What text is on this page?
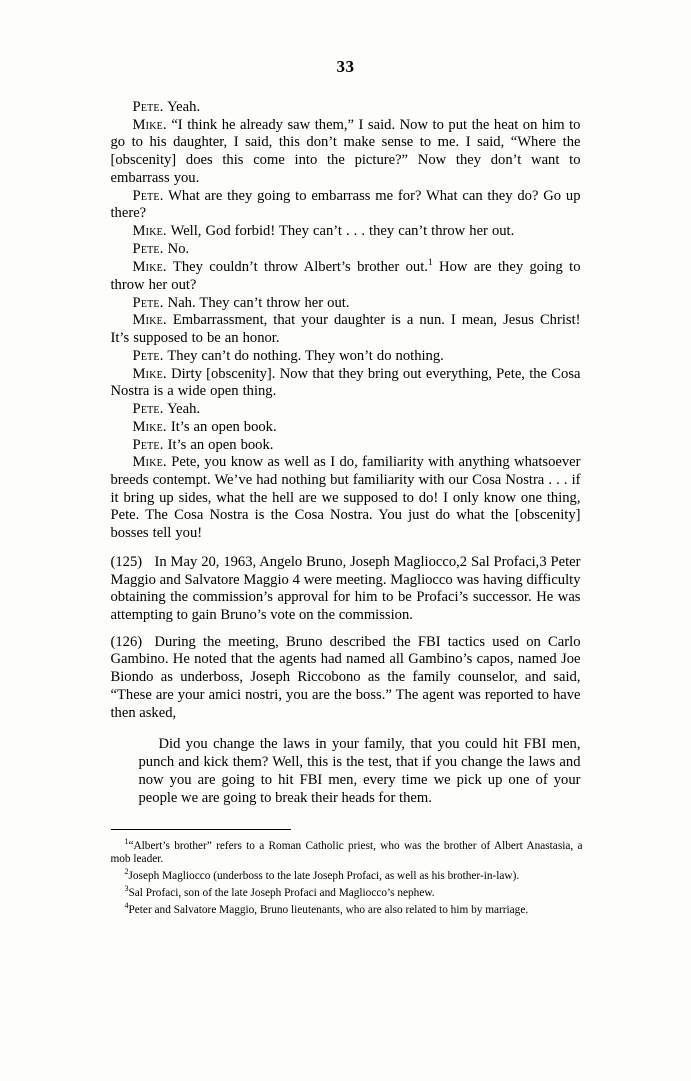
33

Pete. Yeah.

Mike. “I think he already saw them,” I said. Now to put the heat on him to go to his daughter, I said, this don’t make sense to me. I said, “Where the [obscenity] does this come into the picture?” Now they don’t want to embarrass you.

Pete. What are they going to embarrass me for? What can they do? Go up there?

Mike. Well, God forbid! They can’t . . . they can’t throw her out.

Pete. No.

Mike. They couldn’t throw Albert’s brother out.$^1$ How are they going to throw her out?

Pete. Nah. They can’t throw her out.

Mike. Embarrassment, that your daughter is a nun. I mean, Jesus Christ! It’s supposed to be an honor.

Pete. They can’t do nothing. They won’t do nothing.

Mike. Dirty [obscenity]. Now that they bring out everything, Pete, the Cosa Nostra is a wide open thing.

Pete. Yeah.

Mike. It’s an open book.

Pete. It’s an open book.

Mike. Pete, you know as well as I do, familiarity with anything whatsoever breeds contempt. We’ve had nothing but familiarity with our Cosa Nostra . . . if it bring up sides, what the hell are we supposed to do! I only know one thing, Pete. The Cosa Nostra is the Cosa Nostra. You just do what the [obscenity] bosses tell you!

(125) In May 20, 1963, Angelo Bruno, Joseph Magliocco,2 Sal Profaci,3 Peter Maggio and Salvatore Maggio 4 were meeting. Magliocco was having difficulty obtaining the commission’s approval for him to be Profaci’s successor. He was attempting to gain Bruno’s vote on the commission.

(126) During the meeting, Bruno described the FBI tactics used on Carlo Gambino. He noted that the agents had named all Gambino’s capos, named Joe Biondo as underboss, Joseph Riccobono as the family counselor, and said, “These are your amici nostri, you are the boss.” The agent was reported to have then asked,

Did you change the laws in your family, that you could hit FBI men, punch and kick them? Well, this is the test, that if you change the laws and now you are going to hit FBI men, every time we pick up one of your people we are going to break their heads for them.

$^1$“Albert’s brother” refers to a Roman Catholic priest, who was the brother of Albert Anastasia, a mob leader.

$^2$Joseph Magliocco (underboss to the late Joseph Profaci, as well as his brother-in-law).

$^3$Sal Profaci, son of the late Joseph Profaci and Magliocco’s nephew.

$^4$Peter and Salvatore Maggio, Bruno lieutenants, who are also related to him by marriage.
